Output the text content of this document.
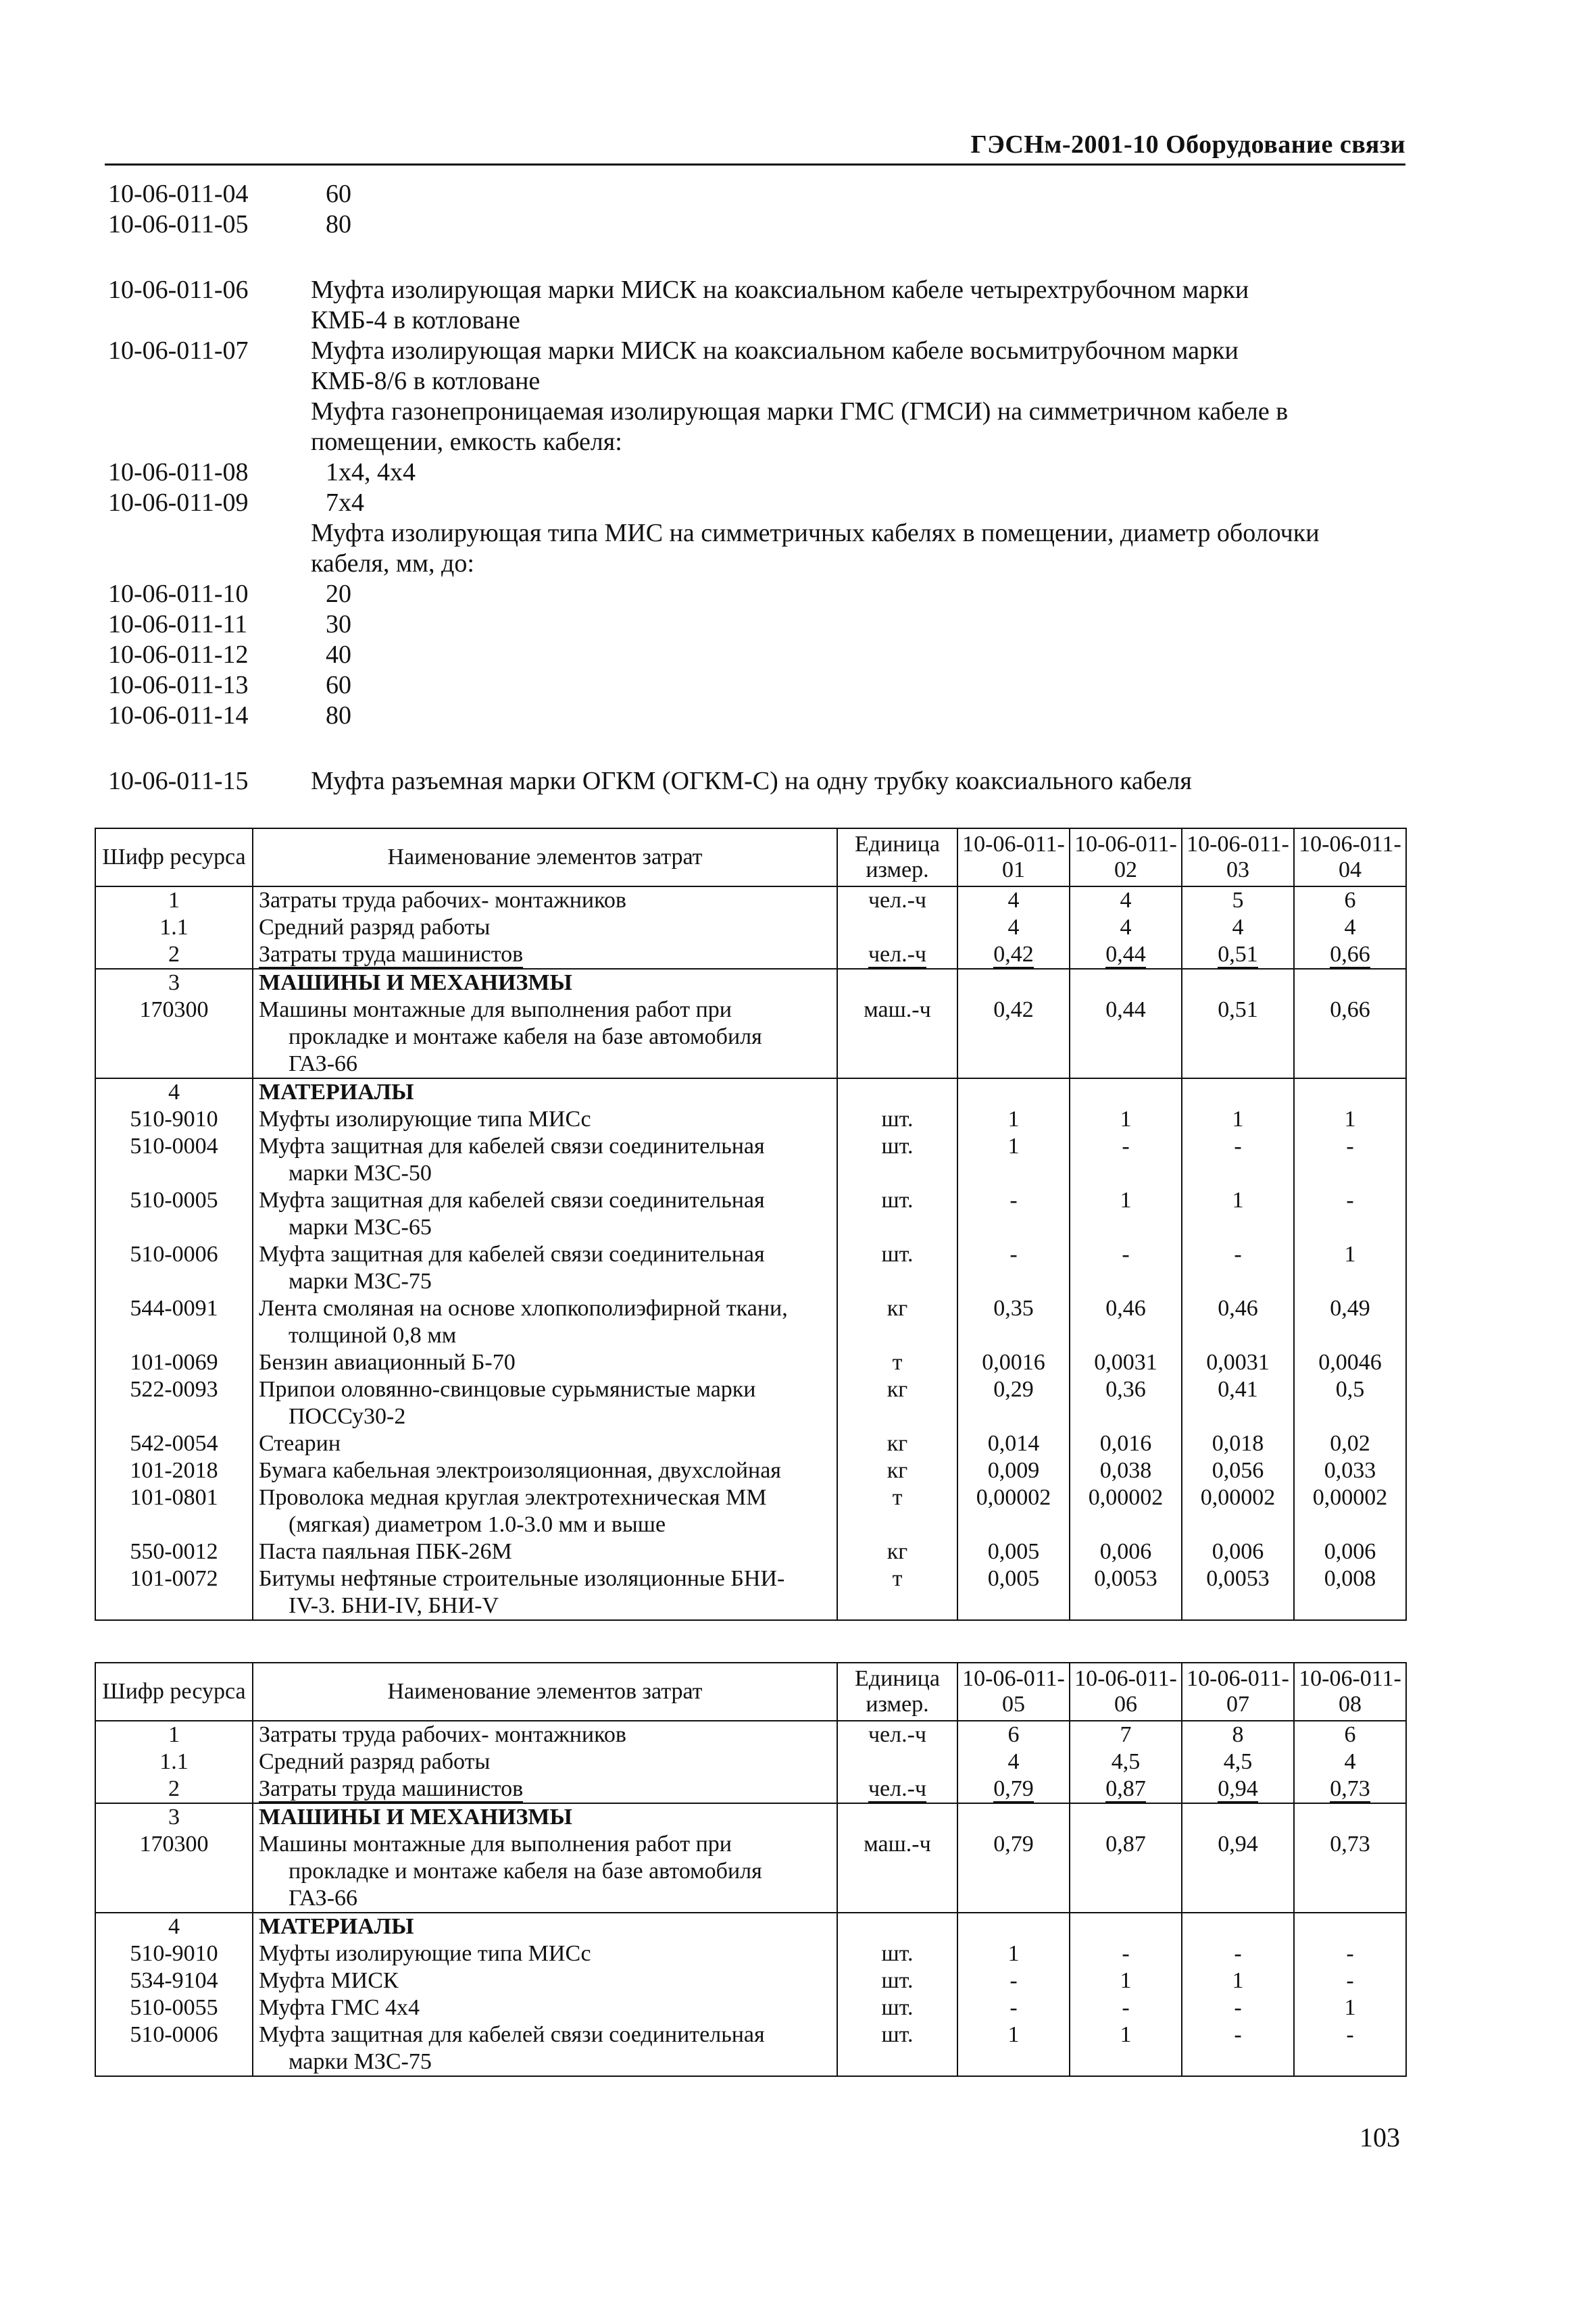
ГЭСНм-2001-10 Оборудование связи
10-06-011-04	60
10-06-011-05	80
10-06-011-06	Муфта изолирующая марки МИСК на коаксиальном кабеле четырехтрубочном марки
КМБ-4 в котловане
10-06-011-07	Муфта изолирующая марки МИСК на коаксиальном кабеле восьмитрубочном марки
КМБ-8/6 в котловане
Муфта газонепроницаемая изолирующая марки ГМС (ГМСИ) на симметричном кабеле в
помещении, емкость кабеля:
10-06-011-08	1х4, 4х4
10-06-011-09	7х4
Муфта изолирующая типа МИС на симметричных кабелях в помещении, диаметр оболочки
кабеля, мм, до:
10-06-011-10	20
10-06-011-11	30
10-06-011-12	40
10-06-011-13	60
10-06-011-14	80
10-06-011-15	Муфта разъемная марки ОГКМ (ОГКМ-С) на одну трубку коаксиального кабеля
Шифр ресурса	Наименование элементов затрат	Единица измер.	10-06-011-01	10-06-011-02	10-06-011-03	10-06-011-04
1	Затраты труда рабочих- монтажников	чел.-ч	4	4	5	6
1.1	Средний разряд работы		4	4	4	4
2	Затраты труда машинистов	чел.-ч	0,42	0,44	0,51	0,66
3	МАШИНЫ И МЕХАНИЗМЫ					
170300	Машины монтажные для выполнения работ при
прокладке и монтаже кабеля на базе автомобиля ГАЗ-66	маш.-ч	0,42	0,44	0,51	0,66
4	МАТЕРИАЛЫ					
510-9010	Муфты изолирующие типа МИСс	шт.	1	1	1	1
510-0004	Муфта защитная для кабелей связи соединительная
марки МЗС-50	шт.	1	-	-	-
510-0005	Муфта защитная для кабелей связи соединительная
марки МЗС-65	шт.	-	1	1	-
510-0006	Муфта защитная для кабелей связи соединительная
марки МЗС-75	шт.	-	-	-	1
544-0091	Лента смоляная на основе хлопкополиэфирной ткани,
толщиной 0,8 мм	кг	0,35	0,46	0,46	0,49
101-0069	Бензин авиационный Б-70	т	0,0016	0,0031	0,0031	0,0046
522-0093	Припои оловянно-свинцовые сурьмянистые марки
ПОССу30-2	кг	0,29	0,36	0,41	0,5
542-0054	Стеарин	кг	0,014	0,016	0,018	0,02
101-2018	Бумага кабельная электроизоляционная, двухслойная	кг	0,009	0,038	0,056	0,033
101-0801	Проволока медная круглая электротехническая ММ
(мягкая) диаметром 1.0-3.0 мм и выше	т	0,00002	0,00002	0,00002	0,00002
550-0012	Паста паяльная ПБК-26М	кг	0,005	0,006	0,006	0,006
101-0072	Битумы нефтяные строительные изоляционные БНИ-
IV-3. БНИ-IV, БНИ-V	т	0,005	0,0053	0,0053	0,008
Шифр ресурса	Наименование элементов затрат	Единица измер.	10-06-011-05	10-06-011-06	10-06-011-07	10-06-011-08
1	Затраты труда рабочих- монтажников	чел.-ч	6	7	8	6
1.1	Средний разряд работы		4	4,5	4,5	4
2	Затраты труда машинистов	чел.-ч	0,79	0,87	0,94	0,73
3	МАШИНЫ И МЕХАНИЗМЫ					
170300	Машины монтажные для выполнения работ при
прокладке и монтаже кабеля на базе автомобиля ГАЗ-66	маш.-ч	0,79	0,87	0,94	0,73
4	МАТЕРИАЛЫ					
510-9010	Муфты изолирующие типа МИСс	шт.	1	-	-	-
534-9104	Муфта МИСК	шт.	-	1	1	-
510-0055	Муфта ГМС 4х4	шт.	-	-	-	1
510-0006	Муфта защитная для кабелей связи соединительная
марки МЗС-75	шт.	1	1	-	-
103
